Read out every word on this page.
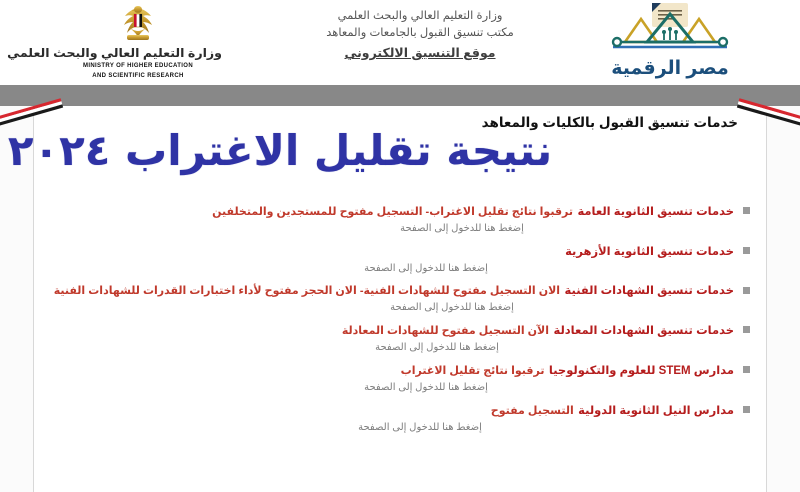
وزارة التعليم العالي والبحث العلمي
MINISTRY OF HIGHER EDUCATION
AND SCIENTIFIC RESEARCH
وزارة التعليم العالي والبحث العلمي
مكتب تنسيق القبول بالجامعات والمعاهد
موقع التنسيق الالكتروني
مصر الرقمية
خدمات تنسيق القبول بالكليات والمعاهد
خدمات تنسيق الثانوية العامة ترقبوا نتائج تقليل الاغتراب- التسجيل مفتوح للمستجدين والمتخلفين
إضغط هنا للدخول إلى الصفحة
خدمات تنسيق الثانوية الأزهرية
إضغط هنا للدخول إلى الصفحة
خدمات تنسيق الشهادات الفنية الان التسجيل مفتوح للشهادات الفنية- الان الحجز مفتوح لأداء اختبارات القدرات للشهادات الفنية
إضغط هنا للدخول إلى الصفحة
خدمات تنسيق الشهادات المعادلة الآن التسجيل مفتوح للشهادات المعادلة
إضغط هنا للدخول إلى الصفحة
مدارس STEM للعلوم والتكنولوجيا ترقبوا نتائج تقليل الاغتراب
إضغط هنا للدخول إلى الصفحة
مدارس النيل الثانوية الدولية التسجيل مفتوح
إضغط هنا للدخول إلى الصفحة
نتيجة تقليل الاغتراب ٢٠٢٤
